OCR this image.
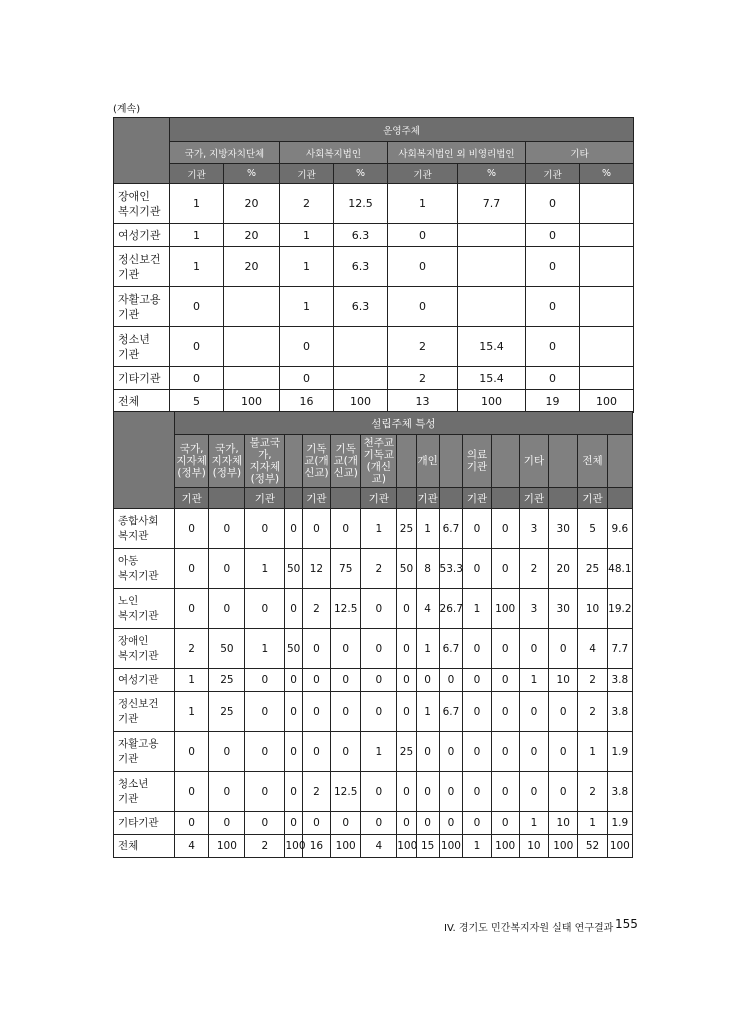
(계속)
	운영주체							
	국가, 지방자치단체		사회복지법인		사회복지법인 외 비영리법인		기타	
	기관	%	기관	%	기관	%	기관	%
장애인
복지기관	1	20	2	12.5	1	7.7	0	
여성기관	1	20	1	6.3	0		0	
정신보건
기관	1	20	1	6.3	0		0	
자활고용
기관	0		1	6.3	0		0	
청소년
기관	0		0		2	15.4	0	
기타기관	0		0		2	15.4	0	
전체	5	100	16	100	13	100	19	100
	설립주체 특성															
	국가,
지자체
(정부)	국가,
지자체
(정부)	불교국가,
지자체
(정부)		기독
교(개
신교)	기독
교(개
신교)	천주교
기독교
(개신교)		개인		의료
기관		기타		전체	
	기관		기관		기관		기관		기관		기관		기관		기관	
종합사회
복지관	0	0	0	0	0	0	1	25	1	6.7	0	0	3	30	5	9.6
아동
복지기관	0	0	1	50	12	75	2	50	8	53.3	0	0	2	20	25	48.1
노인
복지기관	0	0	0	0	2	12.5	0	0	4	26.7	1	100	3	30	10	19.2
장애인
복지기관	2	50	1	50	0	0	0	0	1	6.7	0	0	0	0	4	7.7
여성기관	1	25	0	0	0	0	0	0	0	0	0	0	1	10	2	3.8
정신보건
기관	1	25	0	0	0	0	0	0	1	6.7	0	0	0	0	2	3.8
자활고용
기관	0	0	0	0	0	0	1	25	0	0	0	0	0	0	1	1.9
청소년
기관	0	0	0	0	2	12.5	0	0	0	0	0	0	0	0	2	3.8
기타기관	0	0	0	0	0	0	0	0	0	0	0	0	1	10	1	1.9
전체	4	100	2	100	16	100	4	100	15	100	1	100	10	100	52	100
IV. 경기도 민간복지자원 실태 연구결과 155
